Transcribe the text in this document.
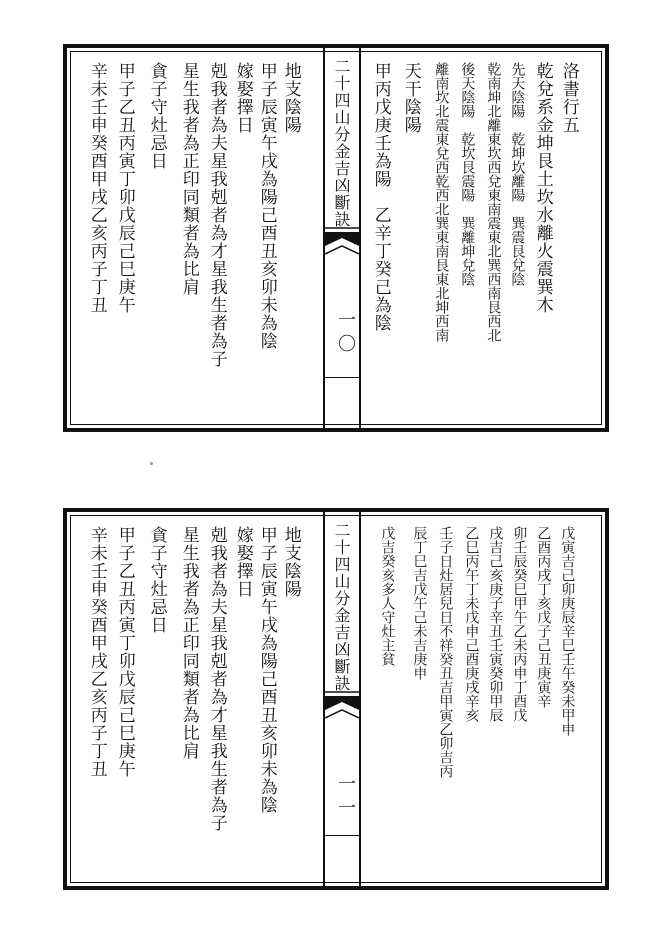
地支陰陽
甲子辰寅午戌為陽己酉丑亥卯未為陰
嫁娶擇日
剋我者為夫星我剋者為才星我生者為子
星生我者為正印同類者為比肩
貪子守灶忌日
甲子乙丑丙寅丁卯戊辰己巳庚午
辛未壬申癸酉甲戌乙亥丙子丁丑	二十四山分金吉凶斷訣
一〇
洛書行五
乾兌系金坤艮土坎水離火震巽木
先天陰陽　乾坤坎離陽　巽震艮兌陰
乾南坤北離東坎西兌東南震東北巽西南艮西北
後天陰陽　乾坎艮震陽　巽離坤兌陰
離南坎北震東兌西乾西北巽東南艮東北坤西南
天干陰陽
甲丙戊庚壬為陽　乙辛丁癸己為陰
地支陰陽
甲子辰寅午戌為陽己酉丑亥卯未為陰
嫁娶擇日
剋我者為夫星我剋者為才星我生者為子
星生我者為正印同類者為比肩
貪子守灶忌日
甲子乙丑丙寅丁卯戊辰己巳庚午
辛未壬申癸酉甲戌乙亥丙子丁丑	二十四山分金吉凶斷訣
一一
戊寅吉己卯庚辰辛巳壬午癸未甲申
乙酉丙戌丁亥戊子己丑庚寅辛
卯壬辰癸巳甲午乙未丙申丁酉戊
戌吉己亥庚子辛丑壬寅癸卯甲辰
乙巳丙午丁未戊申己酉庚戌辛亥
壬子日灶居兒日不祥癸丑吉甲寅乙卯吉丙
辰丁巳吉戊午己未吉庚申
戊吉癸亥多人守灶主貧
